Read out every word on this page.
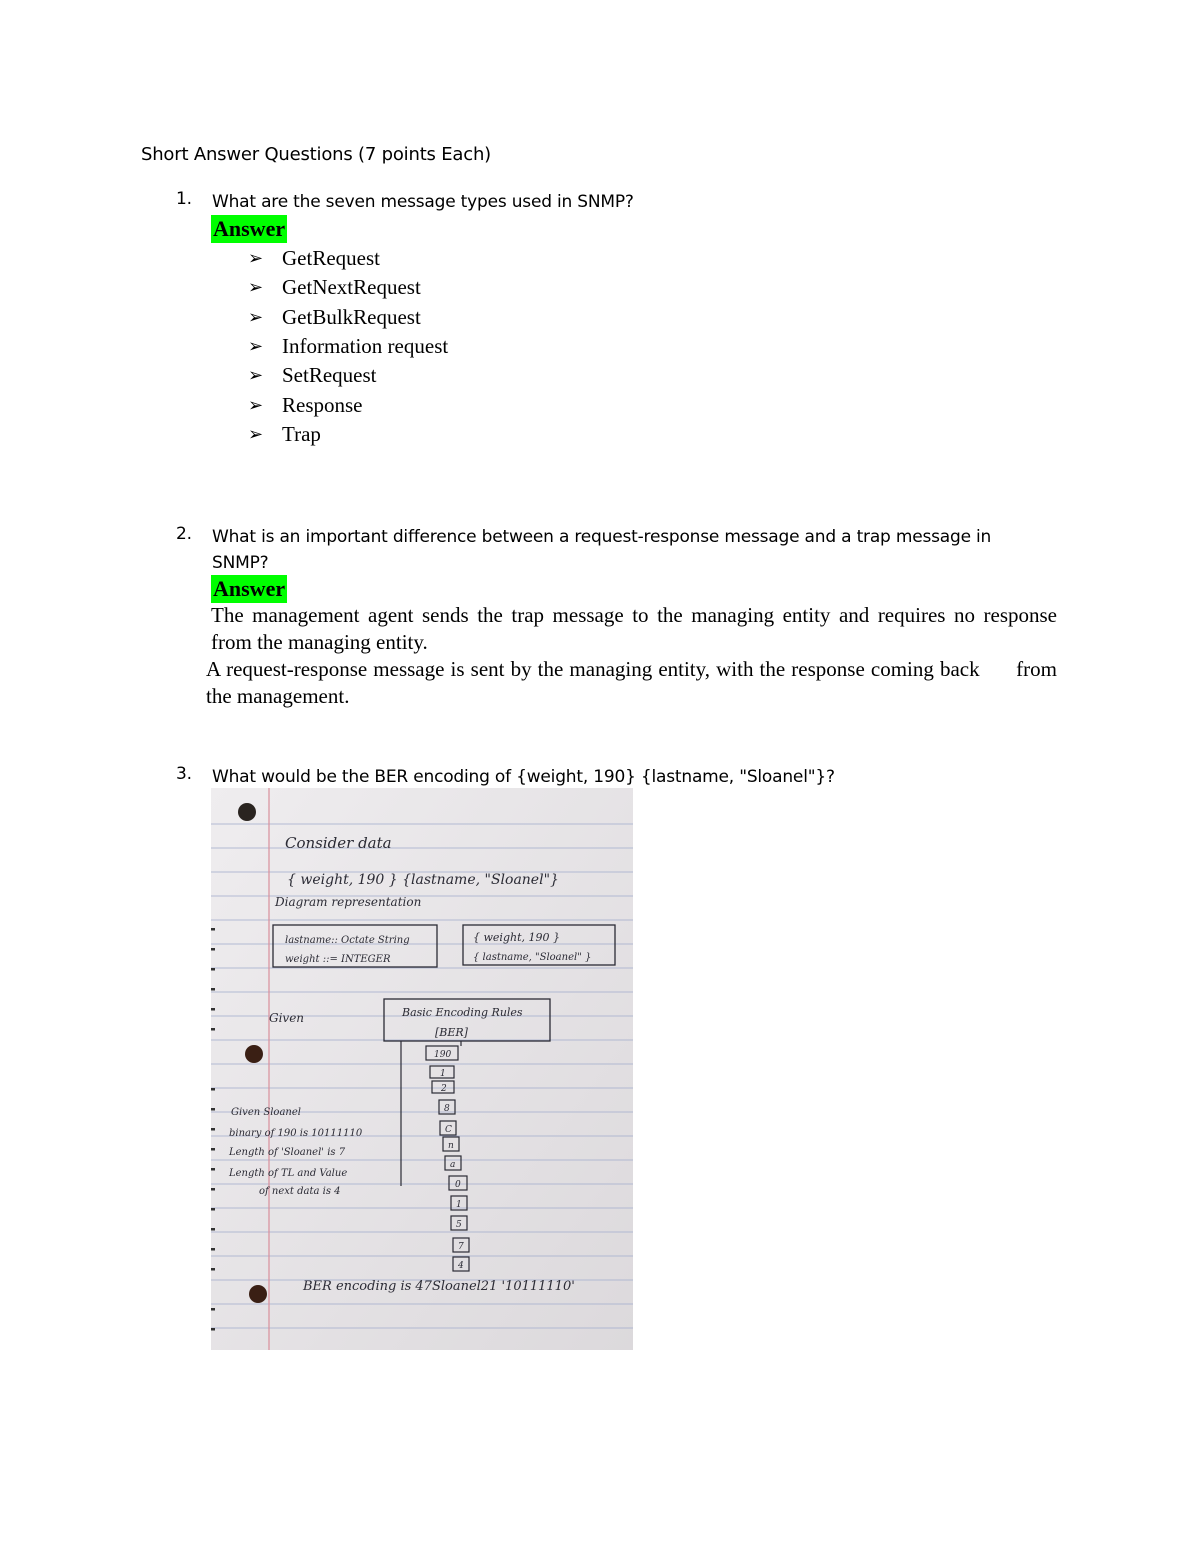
Short Answer Questions (7 points Each)
1. What are the seven message types used in SNMP?
Answer
➢ GetRequest
➢ GetNextRequest
➢ GetBulkRequest
➢ Information request
➢ SetRequest
➢ Response
➢ Trap
2. What is an important difference between a request-response message and a trap message in
SNMP?
Answer
The management agent sends the trap message to the managing entity and requires no response from the managing entity.
A request-response message is sent by the managing entity, with the response coming back      from the management.
3. What would be the BER encoding of {weight, 190} {lastname, "Sloanel"}?
Consider data
{ weight, 190 } {lastname, "Sloanel"}
Diagram representation
lastname:: Octate String
weight ::= INTEGER
{ weight, 190 }
{ lastname, "Sloanel" }
Given	Basic Encoding Rules
[BER]
190
1
2
8
C
n
a
0
1
5
7
4
Given Sloanel
binary of 190 is 10111110
Length of 'Sloanel' is 7
Length of TL and Value
of next data is 4
BER encoding is 47Sloanel21 '10111110'
